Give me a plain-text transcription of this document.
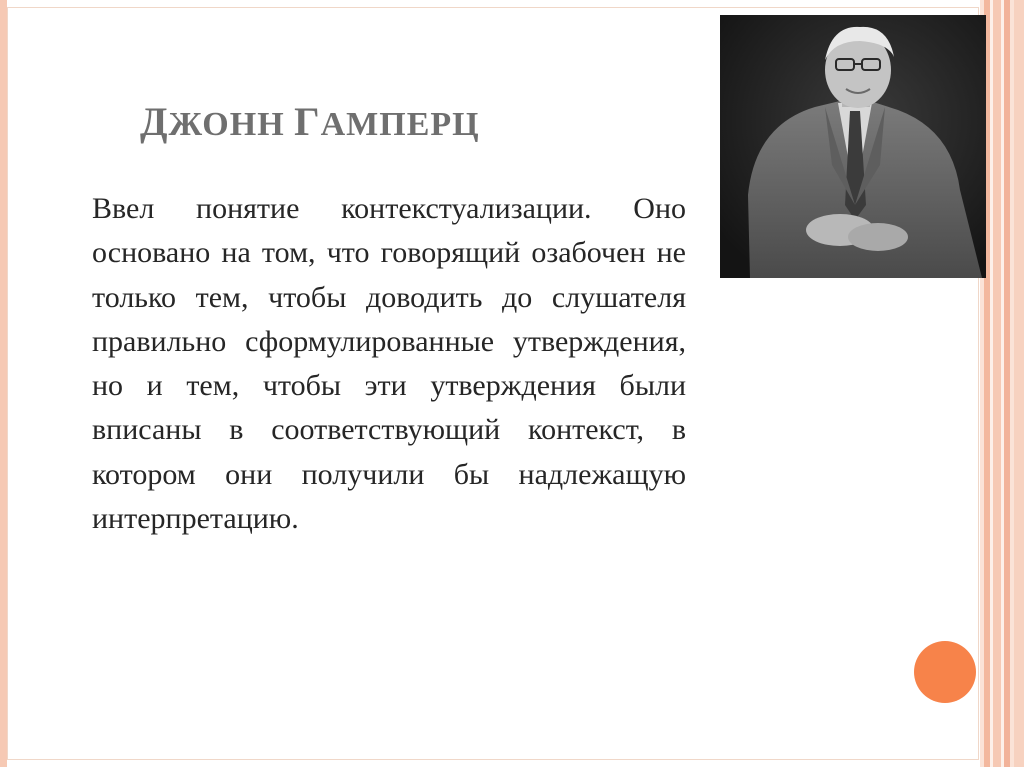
ДЖОНН ГАМПЕРЦ

Ввел понятие контекстуализации. Оно основано на том, что говорящий озабочен не только тем, чтобы доводить до слушателя правильно сформулированные утверждения, но и тем, чтобы эти утверждения были вписаны в соответствующий контекст, в котором они получили бы надлежащую интерпретацию.
